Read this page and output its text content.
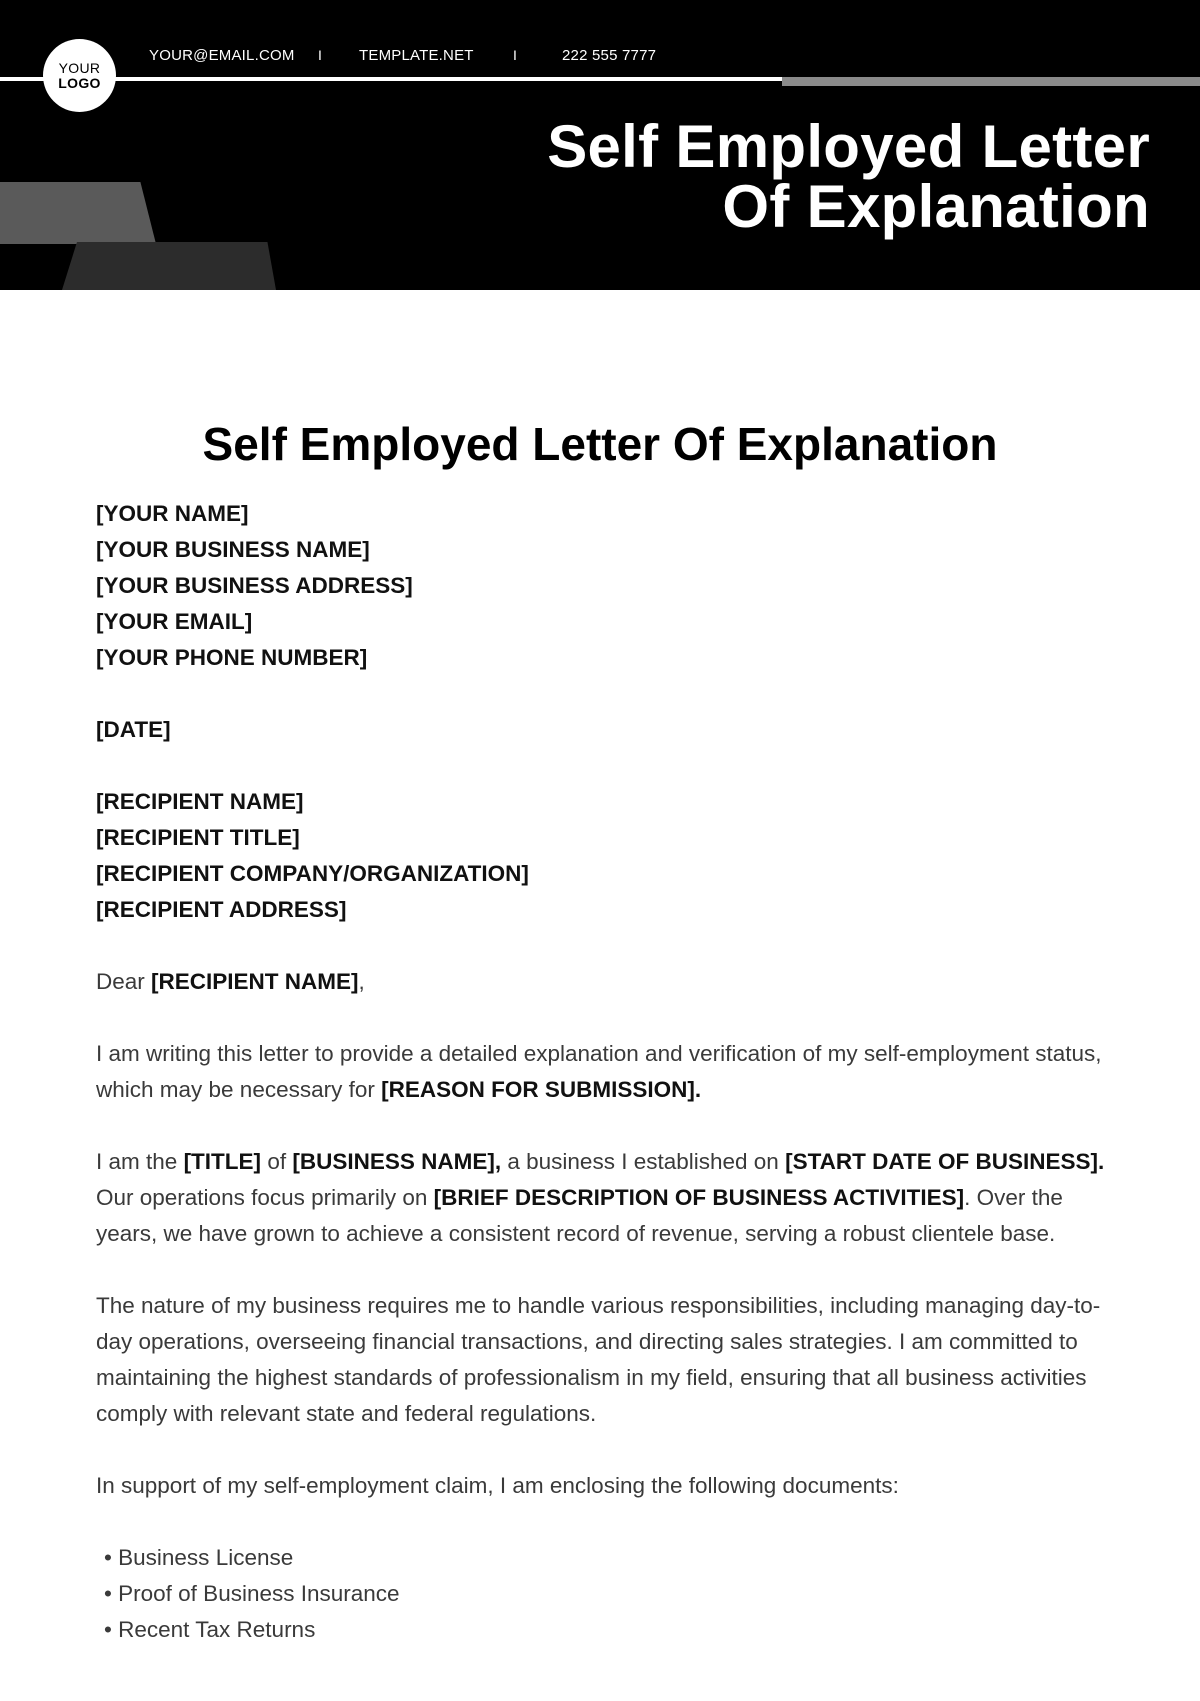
YOUR
LOGO
YOUR@EMAIL.COM I TEMPLATE.NET	I	222 555 7777
Self Employed Letter
Of Explanation
Self Employed Letter Of Explanation
[YOUR NAME]
[YOUR BUSINESS NAME]
[YOUR BUSINESS ADDRESS]
[YOUR EMAIL]
[YOUR PHONE NUMBER]
[DATE]
[RECIPIENT NAME]
[RECIPIENT TITLE]
[RECIPIENT COMPANY/ORGANIZATION]
[RECIPIENT ADDRESS]
Dear [RECIPIENT NAME],
I am writing this letter to provide a detailed explanation and verification of my self-employment status, which may be necessary for [REASON FOR SUBMISSION].
I am the [TITLE] of [BUSINESS NAME], a business I established on [START DATE OF BUSINESS]. Our operations focus primarily on [BRIEF DESCRIPTION OF BUSINESS ACTIVITIES]. Over the years, we have grown to achieve a consistent record of revenue, serving a robust clientele base.
The nature of my business requires me to handle various responsibilities, including managing day-to-day operations, overseeing financial transactions, and directing sales strategies. I am committed to maintaining the highest standards of professionalism in my field, ensuring that all business activities comply with relevant state and federal regulations.
In support of my self-employment claim, I am enclosing the following documents:
• Business License
• Proof of Business Insurance
• Recent Tax Returns
